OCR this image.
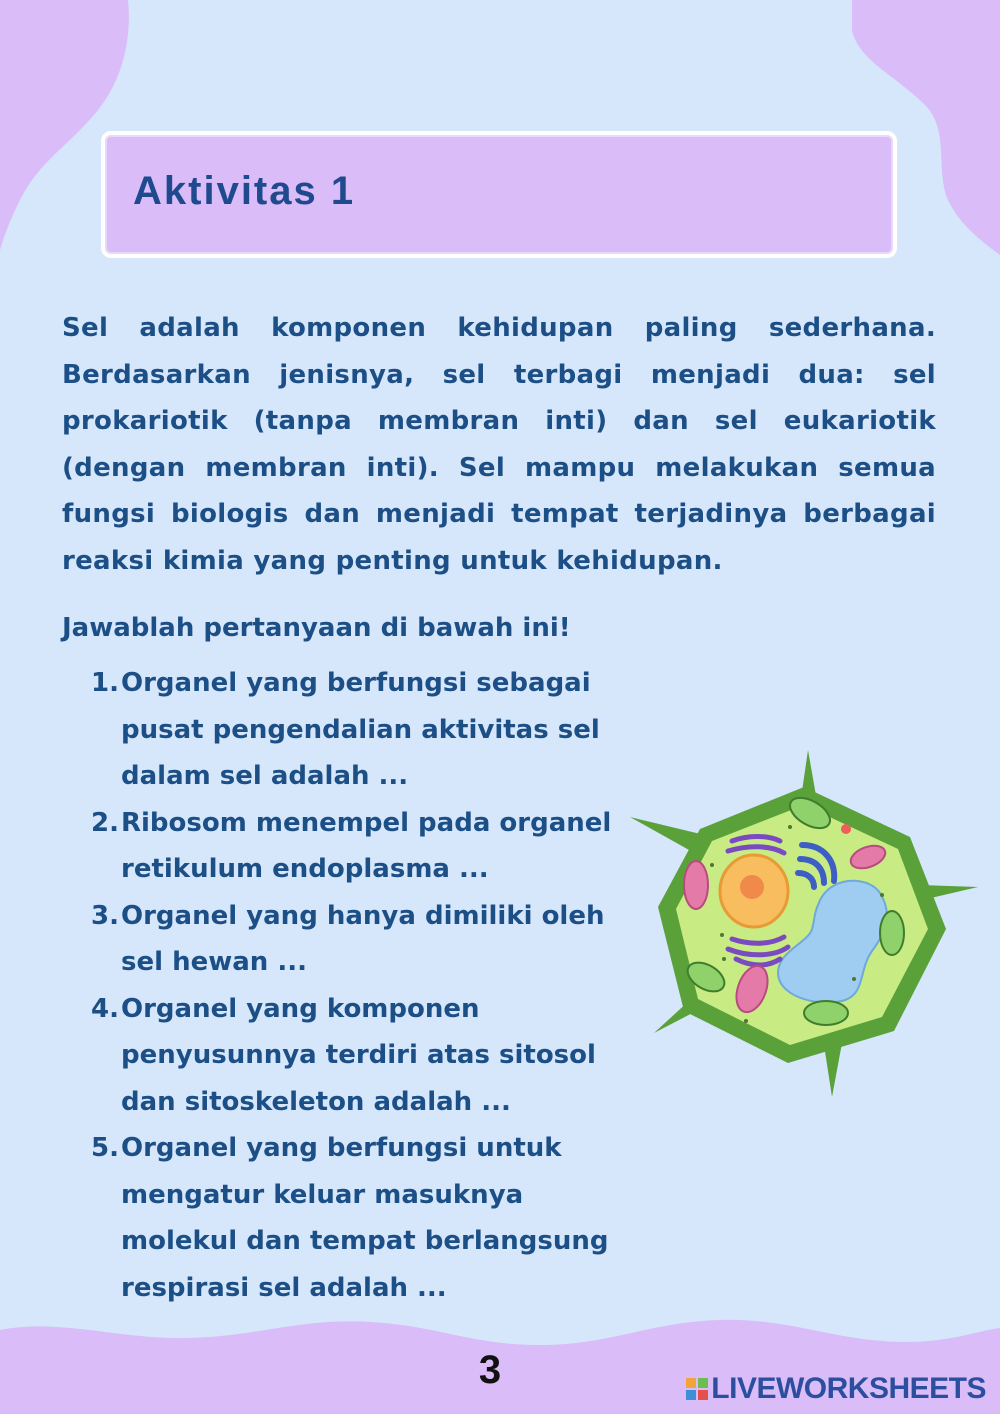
Aktivitas 1

Sel adalah komponen kehidupan paling sederhana. Berdasarkan jenisnya, sel terbagi menjadi dua: sel prokariotik (tanpa membran inti) dan sel eukariotik (dengan membran inti). Sel mampu melakukan semua fungsi biologis dan menjadi tempat terjadinya berbagai reaksi kimia yang penting untuk kehidupan.

Jawablah pertanyaan di bawah ini!

1. Organel yang berfungsi sebagai pusat pengendalian aktivitas sel dalam sel adalah ...
2. Ribosom menempel pada organel retikulum endoplasma ...
3. Organel yang hanya dimiliki oleh sel hewan ...
4. Organel yang komponen penyusunnya terdiri atas sitosol dan sitoskeleton adalah ...
5. Organel yang berfungsi untuk mengatur keluar masuknya molekul dan tempat berlangsung respirasi sel adalah ...
3	LIVEWORKSHEETS
